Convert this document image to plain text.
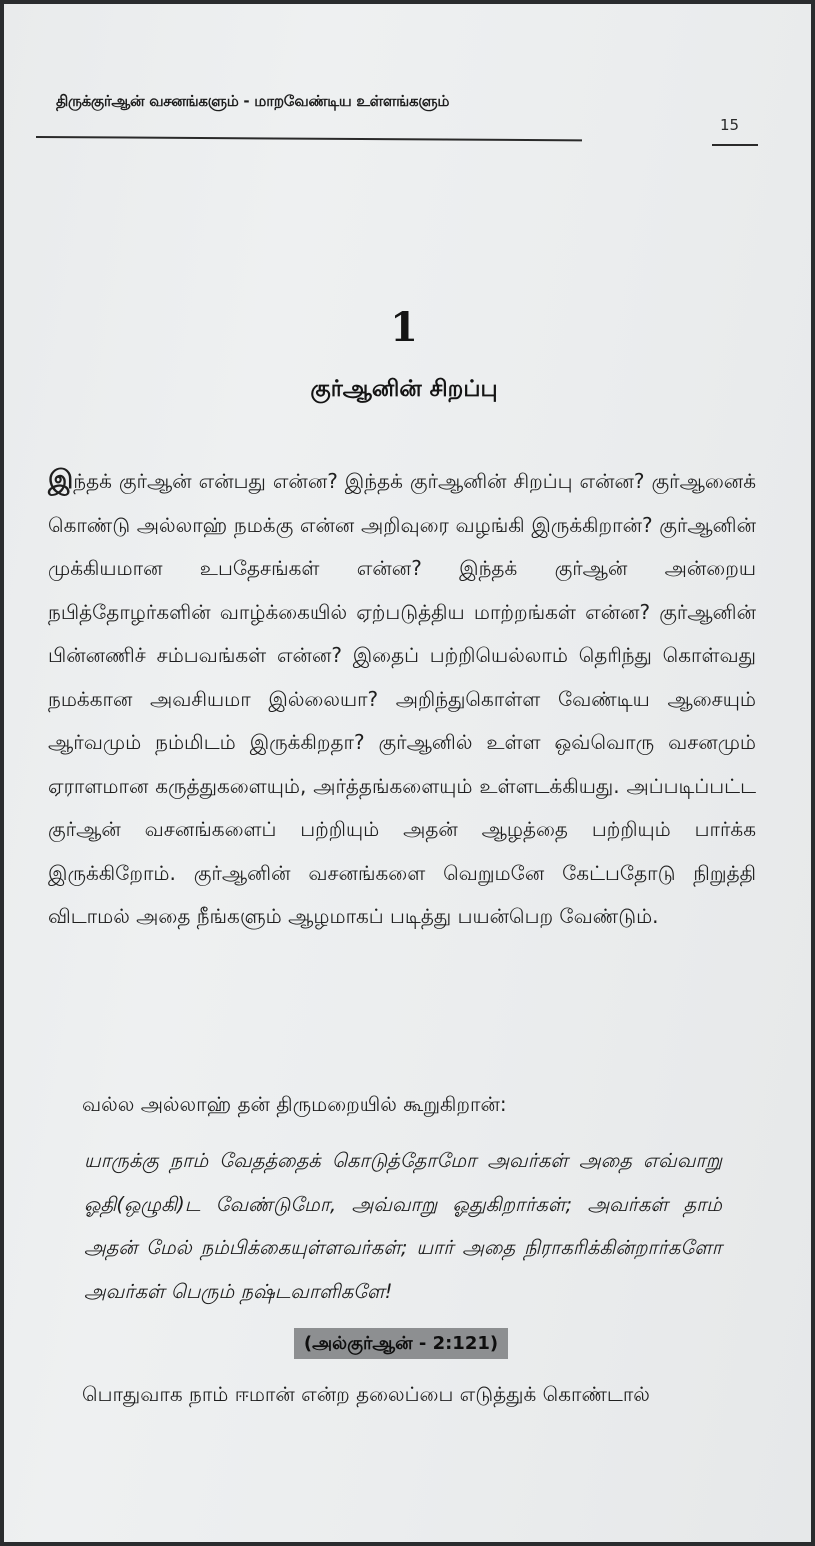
திருக்குர்ஆன் வசனங்களும் - மாறவேண்டிய உள்ளங்களும்
15
1
குர்ஆனின் சிறப்பு
இந்தக் குர்ஆன் என்பது என்ன? இந்தக் குர்ஆனின் சிறப்பு என்ன? குர்ஆனைக் கொண்டு அல்லாஹ் நமக்கு என்ன அறிவுரை வழங்கி இருக்கிறான்? குர்ஆனின் முக்கியமான உபதேசங்கள் என்ன? இந்தக் குர்ஆன் அன்றைய நபித்தோழர்களின் வாழ்க்கையில் ஏற்படுத்திய மாற்றங்கள் என்ன? குர்ஆனின் பின்னணிச் சம்பவங்கள் என்ன? இதைப் பற்றியெல்லாம் தெரிந்து கொள்வது நமக்கான அவசியமா இல்லையா? அறிந்துகொள்ள வேண்டிய ஆசையும் ஆர்வமும் நம்மிடம் இருக்கிறதா? குர்ஆனில் உள்ள ஒவ்வொரு வசனமும் ஏராளமான கருத்துகளையும், அர்த்தங்களையும் உள்ளடக்கியது. அப்படிப்பட்ட குர்ஆன் வசனங்களைப் பற்றியும் அதன் ஆழத்தை பற்றியும் பார்க்க இருக்கிறோம். குர்ஆனின் வசனங்களை வெறுமனே கேட்பதோடு நிறுத்தி விடாமல் அதை நீங்களும் ஆழமாகப் படித்து பயன்பெற வேண்டும்.
வல்ல அல்லாஹ் தன் திருமறையில் கூறுகிறான்:
யாருக்கு நாம் வேதத்தைக் கொடுத்தோமோ அவர்கள் அதை எவ்வாறு ஓதி(ஒழுகி)ட வேண்டுமோ, அவ்வாறு ஓதுகிறார்கள்; அவர்கள் தாம் அதன் மேல் நம்பிக்கையுள்ளவர்கள்; யார் அதை நிராகரிக்கின்றார்களோ அவர்கள் பெரும் நஷ்டவாளிகளே!
(அல்குர்ஆன் - 2:121)
பொதுவாக நாம் ஈமான் என்ற தலைப்பை எடுத்துக் கொண்டால்
